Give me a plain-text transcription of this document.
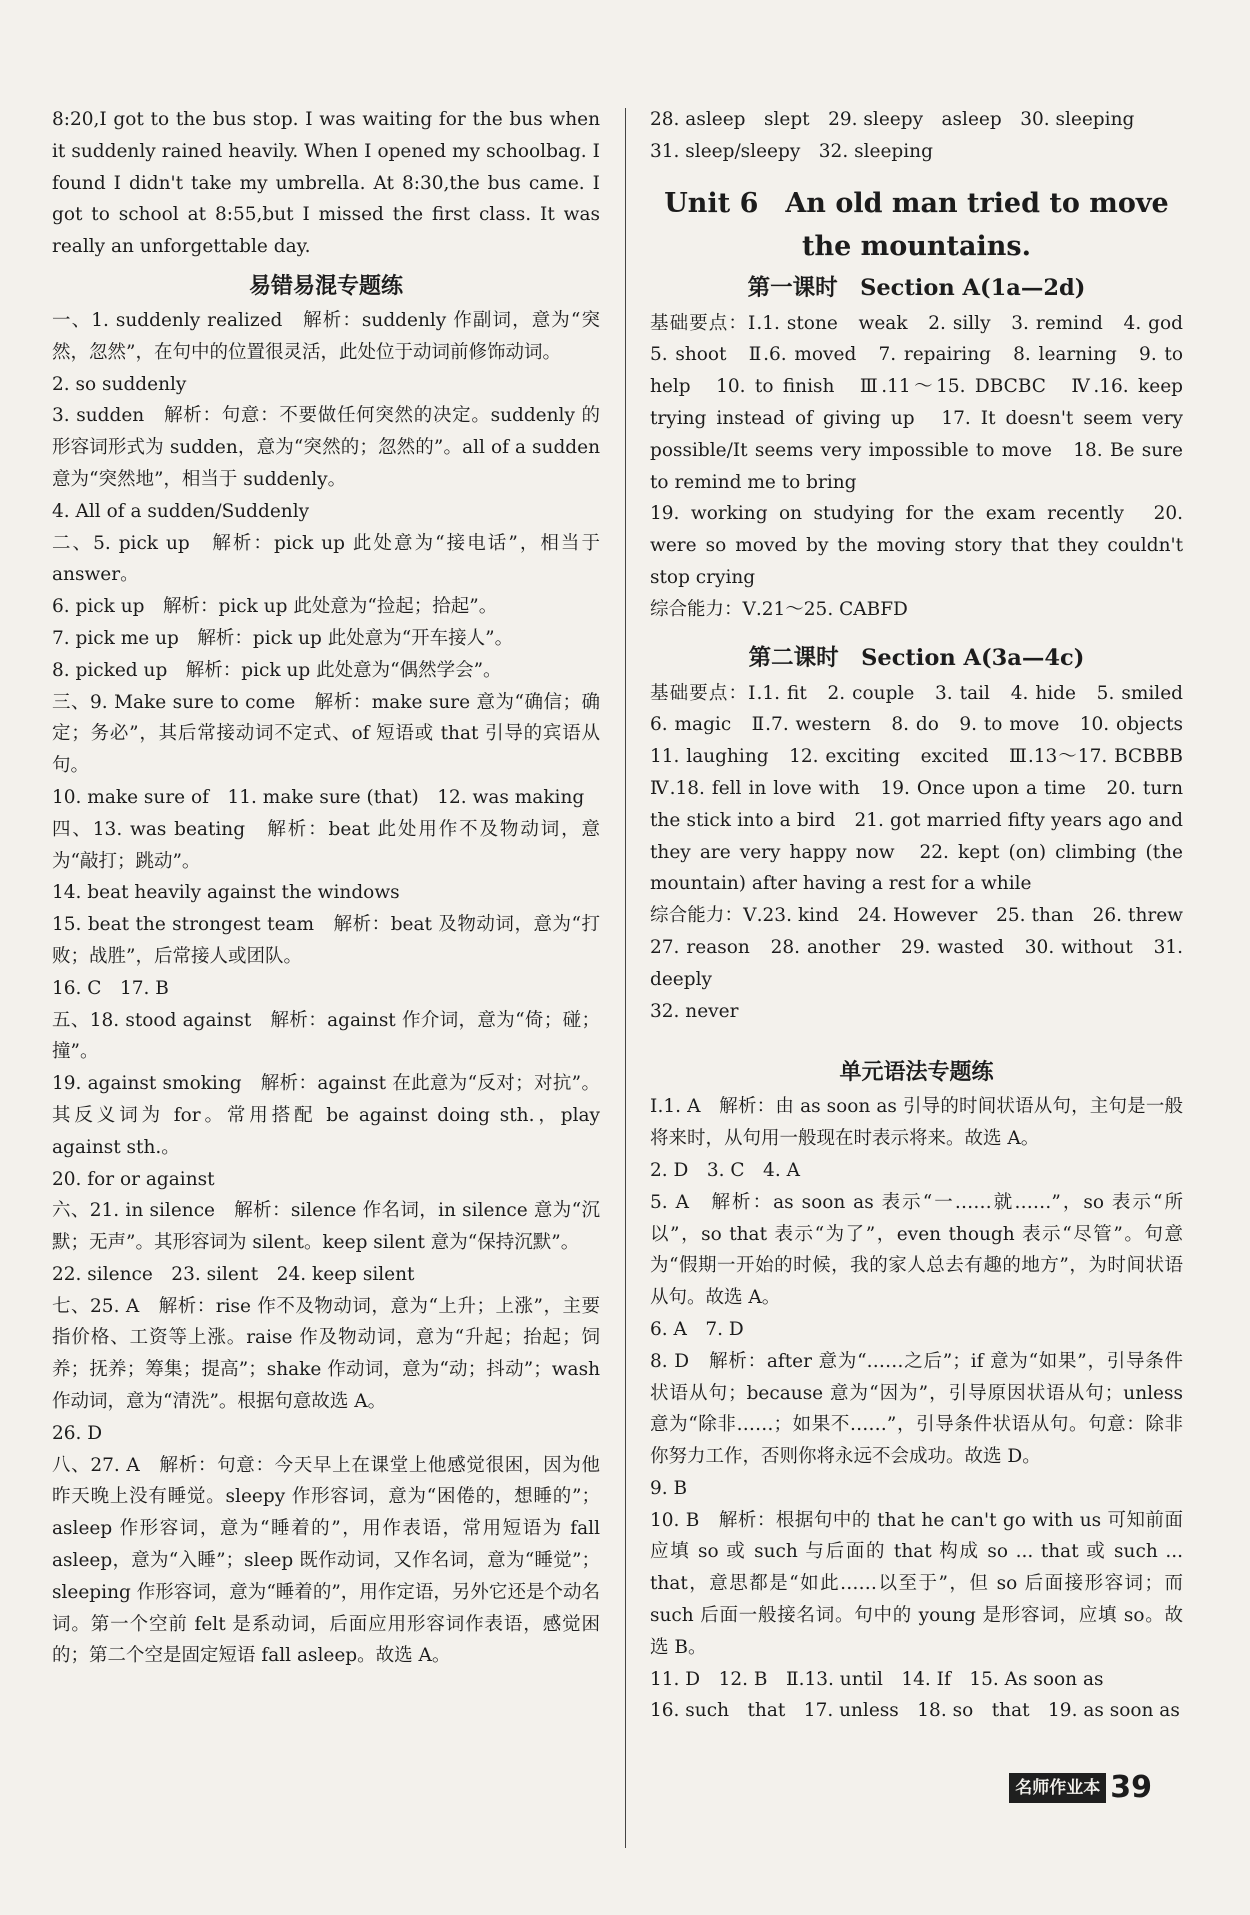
8:20,I got to the bus stop. I was waiting for the bus when it suddenly rained heavily. When I opened my schoolbag. I found I didn't take my umbrella. At 8:30,the bus came. I got to school at 8:55,but I missed the first class. It was really an unforgettable day.

易错易混专题练

一、1. suddenly realized　解析：suddenly 作副词，意为“突然，忽然”，在句中的位置很灵活，此处位于动词前修饰动词。

2. so suddenly

3. sudden　解析：句意：不要做任何突然的决定。suddenly 的形容词形式为 sudden，意为“突然的；忽然的”。all of a sudden 意为“突然地”，相当于 suddenly。

4. All of a sudden/Suddenly

二、5. pick up　解析：pick up 此处意为“接电话”，相当于 answer。

6. pick up　解析：pick up 此处意为“捡起；拾起”。

7. pick me up　解析：pick up 此处意为“开车接人”。

8. picked up　解析：pick up 此处意为“偶然学会”。

三、9. Make sure to come　解析：make sure 意为“确信；确定；务必”，其后常接动词不定式、of 短语或 that 引导的宾语从句。

10. make sure of　11. make sure (that)　12. was making

四、13. was beating　解析：beat 此处用作不及物动词，意为“敲打；跳动”。

14. beat heavily against the windows

15. beat the strongest team　解析：beat 及物动词，意为“打败；战胜”，后常接人或团队。

16. C　17. B

五、18. stood against　解析：against 作介词，意为“倚；碰；撞”。

19. against smoking　解析：against 在此意为“反对；对抗”。其反义词为 for。常用搭配 be against doing sth.，play against sth.。

20. for or against

六、21. in silence　解析：silence 作名词，in silence 意为“沉默；无声”。其形容词为 silent。keep silent 意为“保持沉默”。

22. silence　23. silent　24. keep silent

七、25. A　解析：rise 作不及物动词，意为“上升；上涨”，主要指价格、工资等上涨。raise 作及物动词，意为“升起；抬起；饲养；抚养；筹集；提高”；shake 作动词，意为“动；抖动”；wash 作动词，意为“清洗”。根据句意故选 A。

26. D

八、27. A　解析：句意：今天早上在课堂上他感觉很困，因为他昨天晚上没有睡觉。sleepy 作形容词，意为“困倦的，想睡的”；asleep 作形容词，意为“睡着的”，用作表语，常用短语为 fall asleep，意为“入睡”；sleep 既作动词，又作名词，意为“睡觉”；sleeping 作形容词，意为“睡着的”，用作定语，另外它还是个动名词。第一个空前 felt 是系动词，后面应用形容词作表语，感觉困的；第二个空是固定短语 fall asleep。故选 A。

28. asleep　slept　29. sleepy　asleep　30. sleeping

31. sleep/sleepy　32. sleeping

Unit 6　An old man tried to move
the mountains.
第一课时　Section A(1a—2d)

基础要点：Ⅰ.1. stone　weak　2. silly　3. remind　4. god　5. shoot　Ⅱ.6. moved　7. repairing　8. learning　9. to help　10. to finish　Ⅲ.11～15. DBCBC　Ⅳ.16. keep trying instead of giving up　17. It doesn't seem very possible/It seems very impossible to move　18. Be sure to remind me to bring

19. working on studying for the exam recently　20. were so moved by the moving story that they couldn't stop crying

综合能力：Ⅴ.21～25. CABFD

第二课时　Section A(3a—4c)

基础要点：Ⅰ.1. fit　2. couple　3. tail　4. hide　5. smiled　6. magic　Ⅱ.7. western　8. do　9. to move　10. objects　11. laughing　12. exciting　excited　Ⅲ.13～17. BCBBB　Ⅳ.18. fell in love with　19. Once upon a time　20. turn the stick into a bird　21. got married fifty years ago and they are very happy now　22. kept (on) climbing (the mountain) after having a rest for a while

综合能力：Ⅴ.23. kind　24. However　25. than　26. threw　27. reason　28. another　29. wasted　30. without　31. deeply

32. never

单元语法专题练

Ⅰ.1. A　解析：由 as soon as 引导的时间状语从句，主句是一般将来时，从句用一般现在时表示将来。故选 A。

2. D　3. C　4. A

5. A　解析：as soon as 表示“一……就……”，so 表示“所以”，so that 表示“为了”，even though 表示“尽管”。句意为“假期一开始的时候，我的家人总去有趣的地方”，为时间状语从句。故选 A。

6. A　7. D

8. D　解析：after 意为“……之后”；if 意为“如果”，引导条件状语从句；because 意为“因为”，引导原因状语从句；unless 意为“除非……；如果不……”，引导条件状语从句。句意：除非你努力工作，否则你将永远不会成功。故选 D。

9. B

10. B　解析：根据句中的 that he can't go with us 可知前面应填 so 或 such 与后面的 that 构成 so ... that 或 such ... that，意思都是“如此……以至于”，但 so 后面接形容词；而 such 后面一般接名词。句中的 young 是形容词，应填 so。故选 B。

11. D　12. B　Ⅱ.13. until　14. If　15. As soon as

16. such　that　17. unless　18. so　that　19. as soon as

名师作业本 39
